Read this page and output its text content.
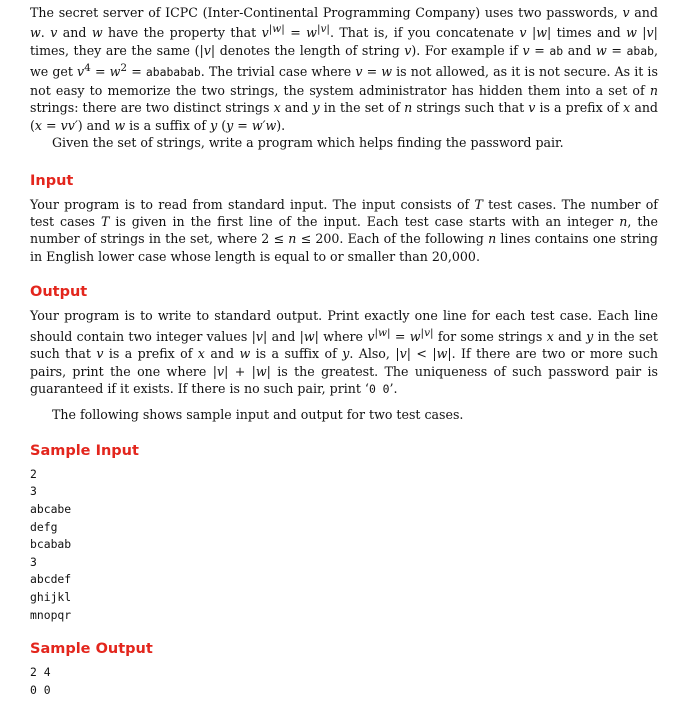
The secret server of ICPC (Inter-Continental Programming Company) uses two passwords, v and w. v and w have the property that $v^{|w|} = w^{|v|}$. That is, if you concatenate v |w| times and w |v| times, they are the same (|v| denotes the length of string v). For example if v = ab and w = abab, we get $v^4 = w^2$ = abababab. The trivial case where v = w is not allowed, as it is not secure. As it is not easy to memorize the two strings, the system administrator has hidden them into a set of n strings: there are two distinct strings x and y in the set of n strings such that v is a prefix of x and (x = vv′) and w is a suffix of y (y = w′w).

Given the set of strings, write a program which helps finding the password pair.

Input

Your program is to read from standard input. The input consists of T test cases. The number of test cases T is given in the first line of the input. Each test case starts with an integer n, the number of strings in the set, where 2 ≤ n ≤ 200. Each of the following n lines contains one string in English lower case whose length is equal to or smaller than 20,000.

Output

Your program is to write to standard output. Print exactly one line for each test case. Each line should contain two integer values |v| and |w| where $v^{|w|} = w^{|v|}$ for some strings x and y in the set such that v is a prefix of x and w is a suffix of y. Also, |v| < |w|. If there are two or more such pairs, print the one where |v| + |w| is the greatest. The uniqueness of such password pair is guaranteed if it exists. If there is no such pair, print ‘0 0’.

The following shows sample input and output for two test cases.

Sample Input
2
3
abcabe
defg
bcabab
3
abcdef
ghijkl
mnopqr
Sample Output
2 4
0 0
